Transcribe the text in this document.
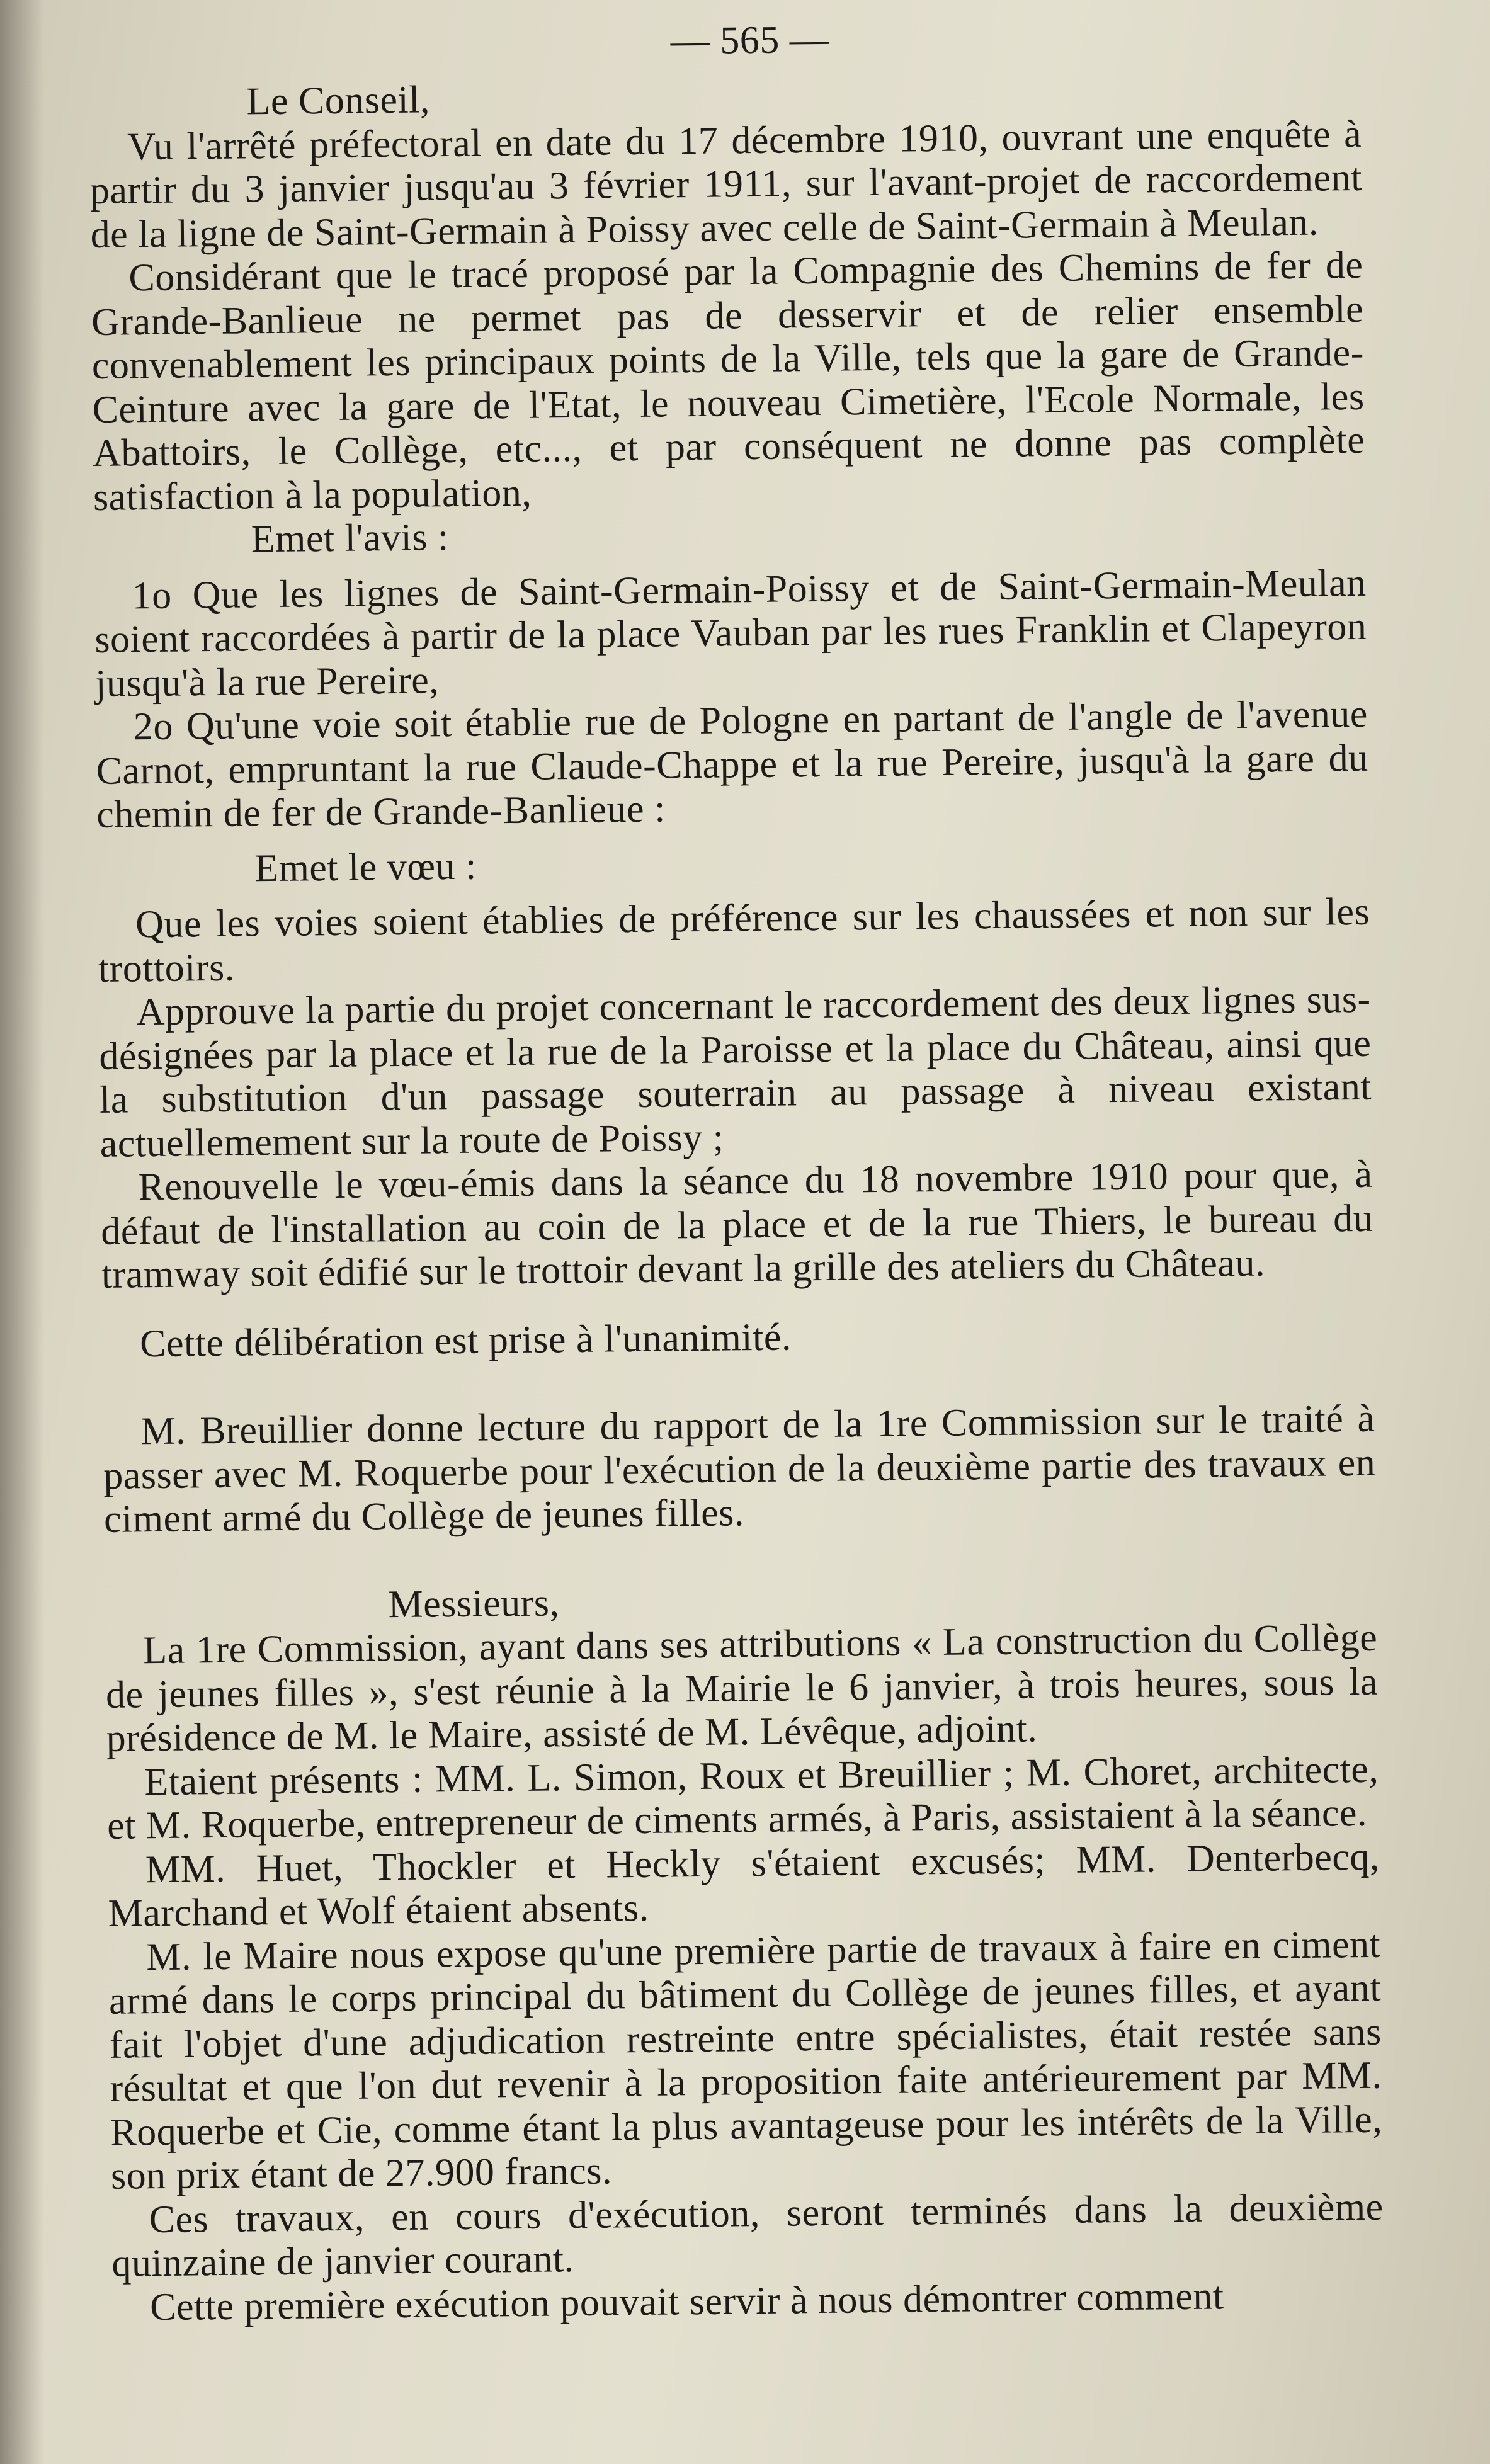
— 565 —

Le Conseil,

Vu l'arrêté préfectoral en date du 17 décembre 1910, ouvrant une enquête à partir du 3 janvier jusqu'au 3 février 1911, sur l'avant-projet de raccordement de la ligne de Saint-Germain à Poissy avec celle de Saint-Germain à Meulan.

Considérant que le tracé proposé par la Compagnie des Chemins de fer de Grande-Banlieue ne permet pas de desservir et de relier ensemble convenablement les principaux points de la Ville, tels que la gare de Grande-Ceinture avec la gare de l'Etat, le nouveau Cimetière, l'Ecole Normale, les Abattoirs, le Collège, etc..., et par conséquent ne donne pas complète satisfaction à la population,

Emet l'avis :

1o Que les lignes de Saint-Germain-Poissy et de Saint-Germain-Meulan soient raccordées à partir de la place Vauban par les rues Franklin et Clapeyron jusqu'à la rue Pereire,

2o Qu'une voie soit établie rue de Pologne en partant de l'angle de l'avenue Carnot, empruntant la rue Claude-Chappe et la rue Pereire, jusqu'à la gare du chemin de fer de Grande-Banlieue :

Emet le vœu :

Que les voies soient établies de préférence sur les chaussées et non sur les trottoirs.

Approuve la partie du projet concernant le raccordement des deux lignes sus-désignées par la place et la rue de la Paroisse et la place du Château, ainsi que la substitution d'un passage souterrain au passage à niveau existant actuellemement sur la route de Poissy ;

Renouvelle le vœu-émis dans la séance du 18 novembre 1910 pour que, à défaut de l'installation au coin de la place et de la rue Thiers, le bureau du tramway soit édifié sur le trottoir devant la grille des ateliers du Château.

Cette délibération est prise à l'unanimité.

M. Breuillier donne lecture du rapport de la 1re Commission sur le traité à passer avec M. Roquerbe pour l'exécution de la deuxième partie des travaux en ciment armé du Collège de jeunes filles.

Messieurs,

La 1re Commission, ayant dans ses attributions « La construction du Collège de jeunes filles », s'est réunie à la Mairie le 6 janvier, à trois heures, sous la présidence de M. le Maire, assisté de M. Lévêque, adjoint.

Etaient présents : MM. L. Simon, Roux et Breuillier ; M. Choret, architecte, et M. Roquerbe, entrepreneur de ciments armés, à Paris, assistaient à la séance.

MM. Huet, Thockler et Heckly s'étaient excusés; MM. Denterbecq, Marchand et Wolf étaient absents.

M. le Maire nous expose qu'une première partie de travaux à faire en ciment armé dans le corps principal du bâtiment du Collège de jeunes filles, et ayant fait l'objet d'une adjudication restreinte entre spécialistes, était restée sans résultat et que l'on dut revenir à la proposition faite antérieurement par MM. Roquerbe et Cie, comme étant la plus avantageuse pour les intérêts de la Ville, son prix étant de 27.900 francs.

Ces travaux, en cours d'exécution, seront terminés dans la deuxième quinzaine de janvier courant.

Cette première exécution pouvait servir à nous démontrer comment
